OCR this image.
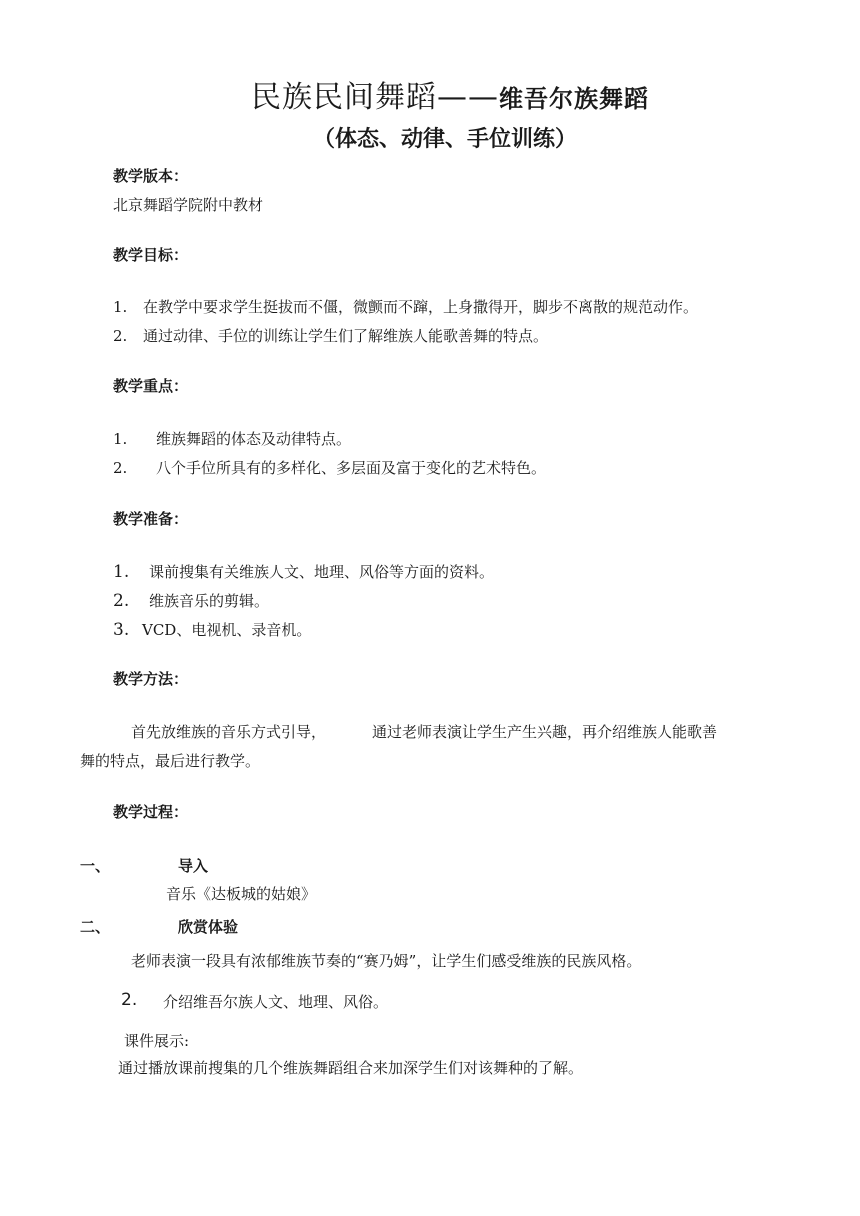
民族民间舞蹈——维吾尔族舞蹈
（体态、动律、手位训练）
教学版本：
北京舞蹈学院附中教材
教学目标：
1. 在教学中要求学生挺拔而不僵，微颤而不蹿，上身撒得开，脚步不离散的规范动作。
2. 通过动律、手位的训练让学生们了解维族人能歌善舞的特点。
教学重点：
1. 维族舞蹈的体态及动律特点。
2. 八个手位所具有的多样化、多层面及富于变化的艺术特色。
教学准备：
1. 课前搜集有关维族人文、地理、风俗等方面的资料。
2. 维族音乐的剪辑。
3. VCD、电视机、录音机。
教学方法：
首先放维族的音乐方式引导，	通过老师表演让学生产生兴趣，再介绍维族人能歌善
舞的特点，最后进行教学。
教学过程：
一、	导入
音乐《达板城的姑娘》
二、	欣赏体验
老师表演一段具有浓郁维族节奏的“赛乃姆”，让学生们感受维族的民族风格。
2. 介绍维吾尔族人文、地理、风俗。
课件展示:
通过播放课前搜集的几个维族舞蹈组合来加深学生们对该舞种的了解。
